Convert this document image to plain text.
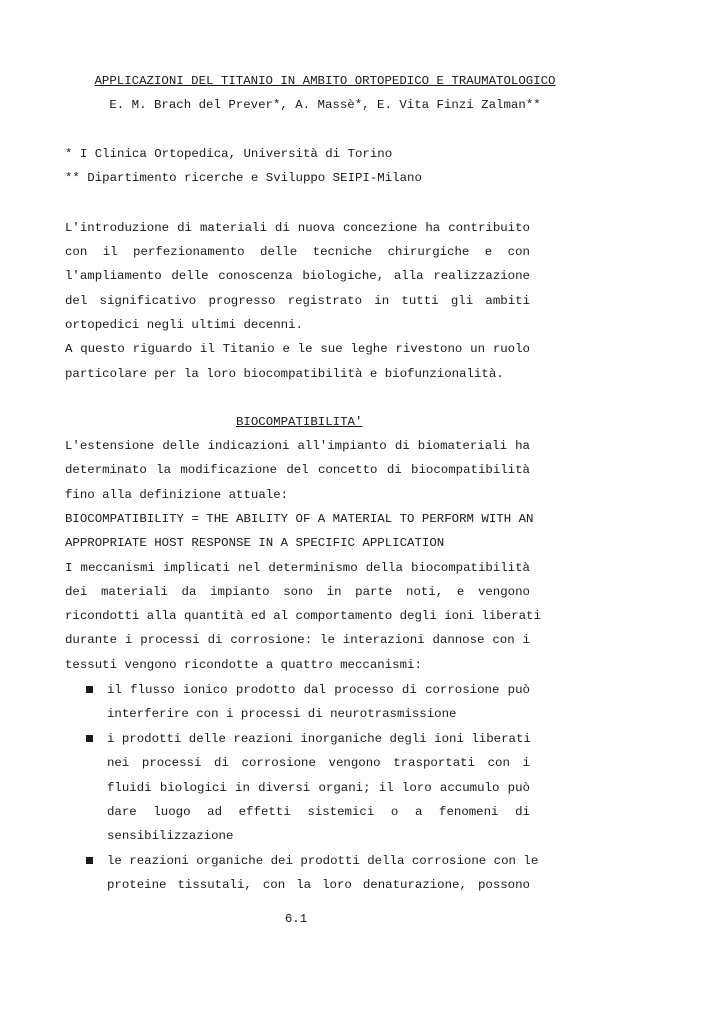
APPLICAZIONI DEL TITANIO IN AMBITO ORTOPEDICO E TRAUMATOLOGICO
E. M. Brach del Prever*, A. Massè*, E. Vita Finzi Zalman**
* I Clinica Ortopedica, Università di Torino
** Dipartimento ricerche e Sviluppo SEIPI-Milano
L'introduzione di materiali di nuova concezione ha contribuito
con il perfezionamento delle tecniche chirurgiche e con
l'ampliamento delle conoscenza biologiche, alla realizzazione
del significativo progresso registrato in tutti gli ambiti
ortopedici negli ultimi decenni.
A questo riguardo il Titanio e le sue leghe rivestono un ruolo
particolare per la loro biocompatibilità e biofunzionalità.
BIOCOMPATIBILITA'
L'estensione delle indicazioni all'impianto di biomateriali ha
determinato la modificazione del concetto di biocompatibilità
fino alla definizione attuale:
BIOCOMPATIBILITY = THE ABILITY OF A MATERIAL TO PERFORM WITH AN
APPROPRIATE HOST RESPONSE IN A SPECIFIC APPLICATION
I meccanismi implicati nel determinismo della biocompatibilità
dei materiali da impianto sono in parte noti, e vengono
ricondotti alla quantità ed al comportamento degli ioni liberati
durante i processi di corrosione: le interazioni dannose con i
tessuti vengono ricondotte a quattro meccanismi:
il flusso ionico prodotto dal processo di corrosione può
interferire con i processi di neurotrasmissione
i prodotti delle reazioni inorganiche degli ioni liberati
nei processi di corrosione vengono trasportati con i
fluidi biologici in diversi organi; il loro accumulo può
dare luogo ad effetti sistemici o a fenomeni di
sensibilizzazione
le reazioni organiche dei prodotti della corrosione con le
proteine tissutali, con la loro denaturazione, possono
6.1
